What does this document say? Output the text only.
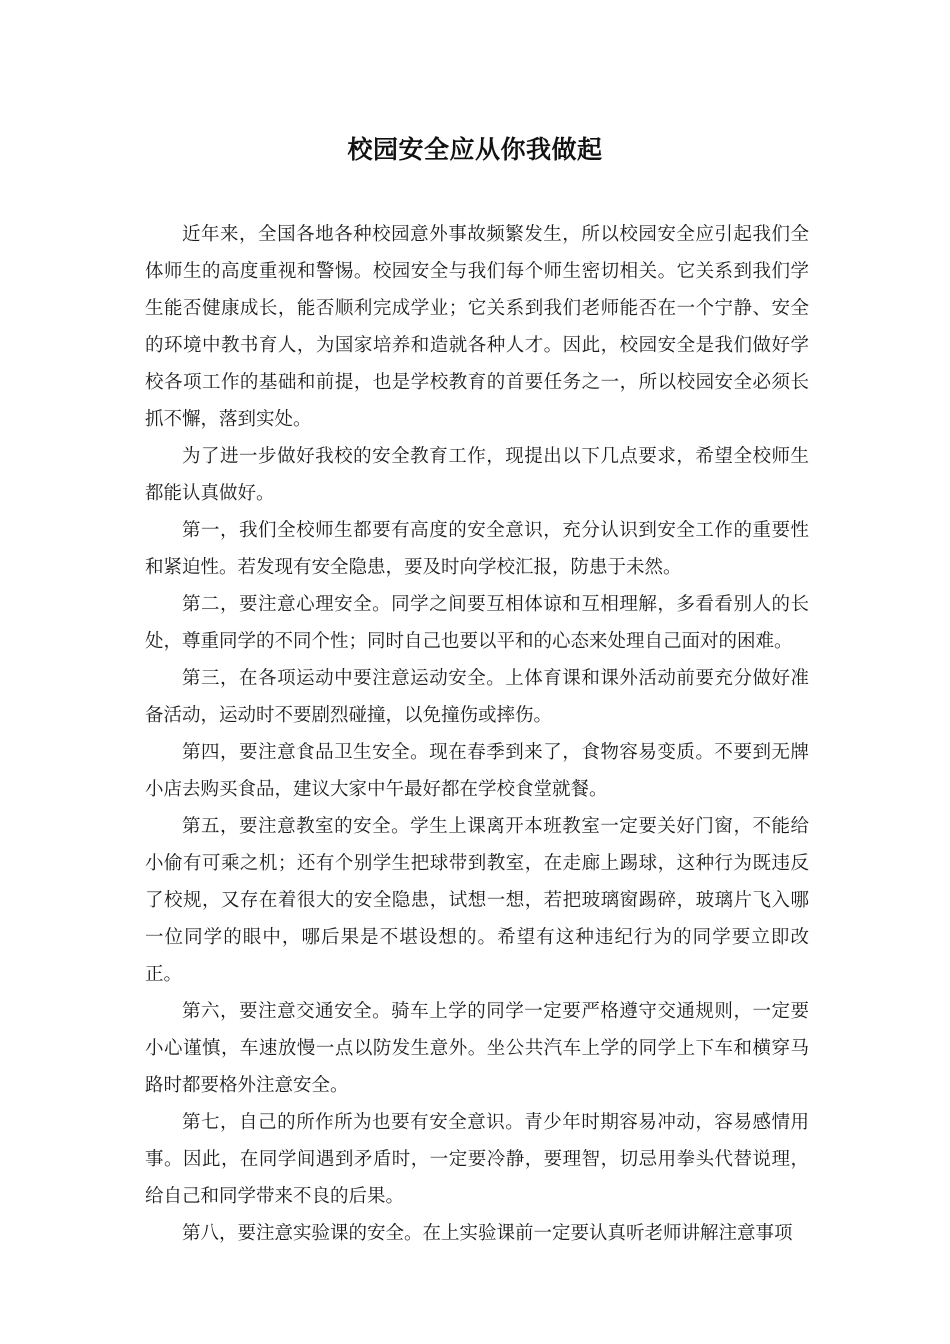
校园安全应从你我做起

近年来，全国各地各种校园意外事故频繁发生，所以校园安全应引起我们全体师生的高度重视和警惕。校园安全与我们每个师生密切相关。它关系到我们学生能否健康成长，能否顺利完成学业；它关系到我们老师能否在一个宁静、安全的环境中教书育人，为国家培养和造就各种人才。因此，校园安全是我们做好学校各项工作的基础和前提，也是学校教育的首要任务之一，所以校园安全必须长抓不懈，落到实处。

为了进一步做好我校的安全教育工作，现提出以下几点要求，希望全校师生都能认真做好。

第一，我们全校师生都要有高度的安全意识，充分认识到安全工作的重要性和紧迫性。若发现有安全隐患，要及时向学校汇报，防患于未然。

第二，要注意心理安全。同学之间要互相体谅和互相理解，多看看别人的长处，尊重同学的不同个性；同时自己也要以平和的心态来处理自己面对的困难。

第三，在各项运动中要注意运动安全。上体育课和课外活动前要充分做好准备活动，运动时不要剧烈碰撞，以免撞伤或摔伤。

第四，要注意食品卫生安全。现在春季到来了，食物容易变质。不要到无牌小店去购买食品，建议大家中午最好都在学校食堂就餐。

第五，要注意教室的安全。学生上课离开本班教室一定要关好门窗，不能给小偷有可乘之机；还有个别学生把球带到教室，在走廊上踢球，这种行为既违反了校规，又存在着很大的安全隐患，试想一想，若把玻璃窗踢碎，玻璃片飞入哪一位同学的眼中，哪后果是不堪设想的。希望有这种违纪行为的同学要立即改正。

第六，要注意交通安全。骑车上学的同学一定要严格遵守交通规则，一定要小心谨慎，车速放慢一点以防发生意外。坐公共汽车上学的同学上下车和横穿马路时都要格外注意安全。

第七，自己的所作所为也要有安全意识。青少年时期容易冲动，容易感情用事。因此，在同学间遇到矛盾时，一定要冷静，要理智，切忌用拳头代替说理，给自己和同学带来不良的后果。

第八，要注意实验课的安全。在上实验课前一定要认真听老师讲解注意事项
